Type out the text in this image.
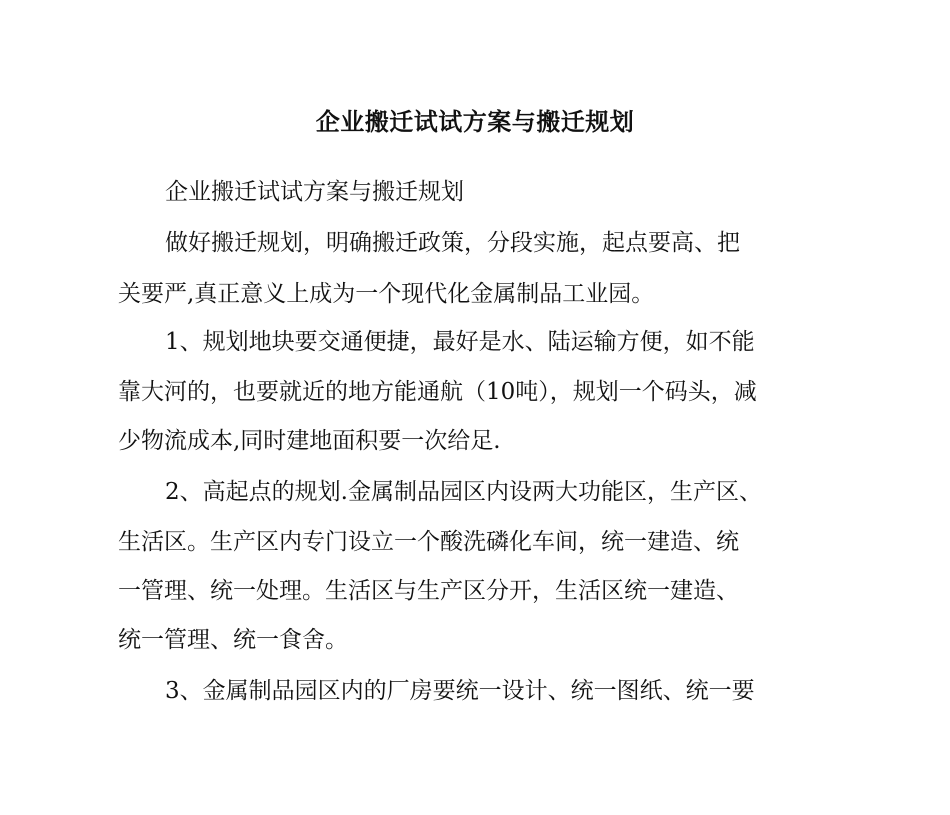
企业搬迁试试方案与搬迁规划

企业搬迁试试方案与搬迁规划

做好搬迁规划，明确搬迁政策，分段实施，起点要高、把

关要严,真正意义上成为一个现代化金属制品工业园。

1、规划地块要交通便捷，最好是水、陆运输方便，如不能

靠大河的，也要就近的地方能通航（10吨），规划一个码头，减

少物流成本,同时建地面积要一次给足.

2、高起点的规划.金属制品园区内设两大功能区，生产区、

生活区。生产区内专门设立一个酸洗磷化车间，统一建造、统

一管理、统一处理。生活区与生产区分开，生活区统一建造、

统一管理、统一食舍。

3、金属制品园区内的厂房要统一设计、统一图纸、统一要
